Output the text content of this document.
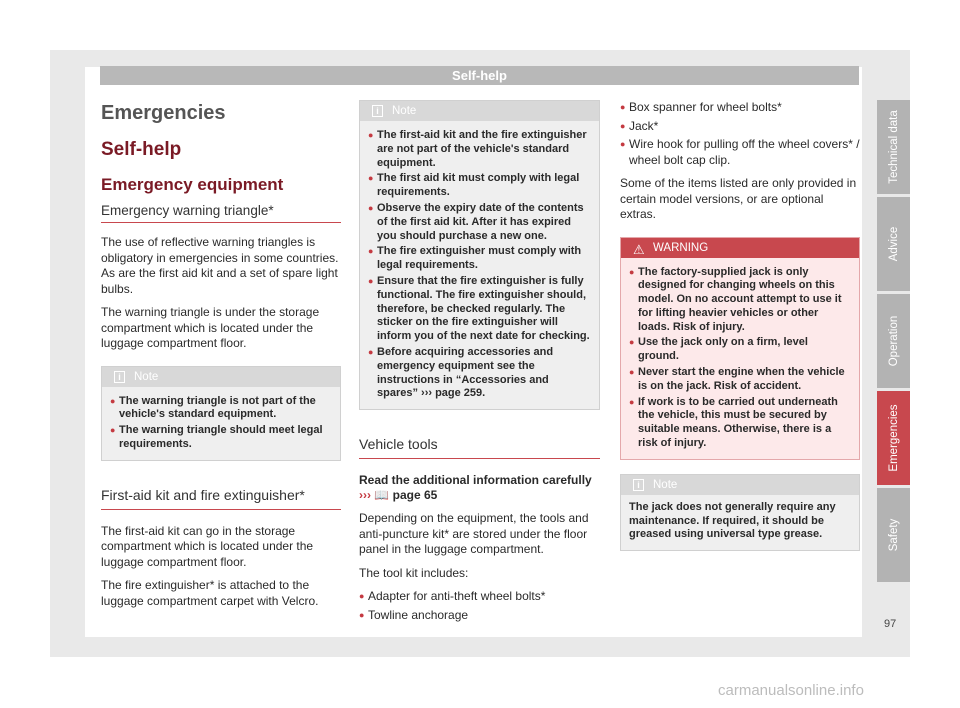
Self-help
Emergencies
Self-help
Emergency equipment
Emergency warning triangle*

The use of reflective warning triangles is obligatory in emergencies in some countries. As are the first aid kit and a set of spare light bulbs.

The warning triangle is under the storage compartment which is located under the luggage compartment floor.

i	Note
● The warning triangle is not part of the vehicle's standard equipment.
● The warning triangle should meet legal requirements.
First-aid kit and fire extinguisher*

The first-aid kit can go in the storage compartment which is located under the luggage compartment floor.

The fire extinguisher* is attached to the luggage compartment carpet with Velcro.

i	Note
● The first-aid kit and the fire extinguisher are not part of the vehicle's standard equipment.
● The first aid kit must comply with legal requirements.
● Observe the expiry date of the contents of the first aid kit. After it has expired you should purchase a new one.
● The fire extinguisher must comply with legal requirements.
● Ensure that the fire extinguisher is fully functional. The fire extinguisher should, therefore, be checked regularly. The sticker on the fire extinguisher will inform you of the next date for checking.
● Before acquiring accessories and emergency equipment see the instructions in “Accessories and spares” ››› page 259.
Vehicle tools
Read the additional information carefully
››› 📖 page 65

Depending on the equipment, the tools and anti-puncture kit* are stored under the floor panel in the luggage compartment.

The tool kit includes:

● Adapter for anti-theft wheel bolts*
● Towline anchorage
● Box spanner for wheel bolts*
● Jack*
● Wire hook for pulling off the wheel covers* / wheel bolt cap clip.

Some of the items listed are only provided in certain model versions, or are optional extras.

⚠ WARNING
● The factory-supplied jack is only designed for changing wheels on this model. On no account attempt to use it for lifting heavier vehicles or other loads. Risk of injury.
● Use the jack only on a firm, level ground.
● Never start the engine when the vehicle is on the jack. Risk of accident.
● If work is to be carried out underneath the vehicle, this must be secured by suitable means. Otherwise, there is a risk of injury.
i	Note

The jack does not generally require any maintenance. If required, it should be greased using universal type grease.

Technical data
Advice
Operation
Emergencies
Safety
97
carmanualsonline.info
